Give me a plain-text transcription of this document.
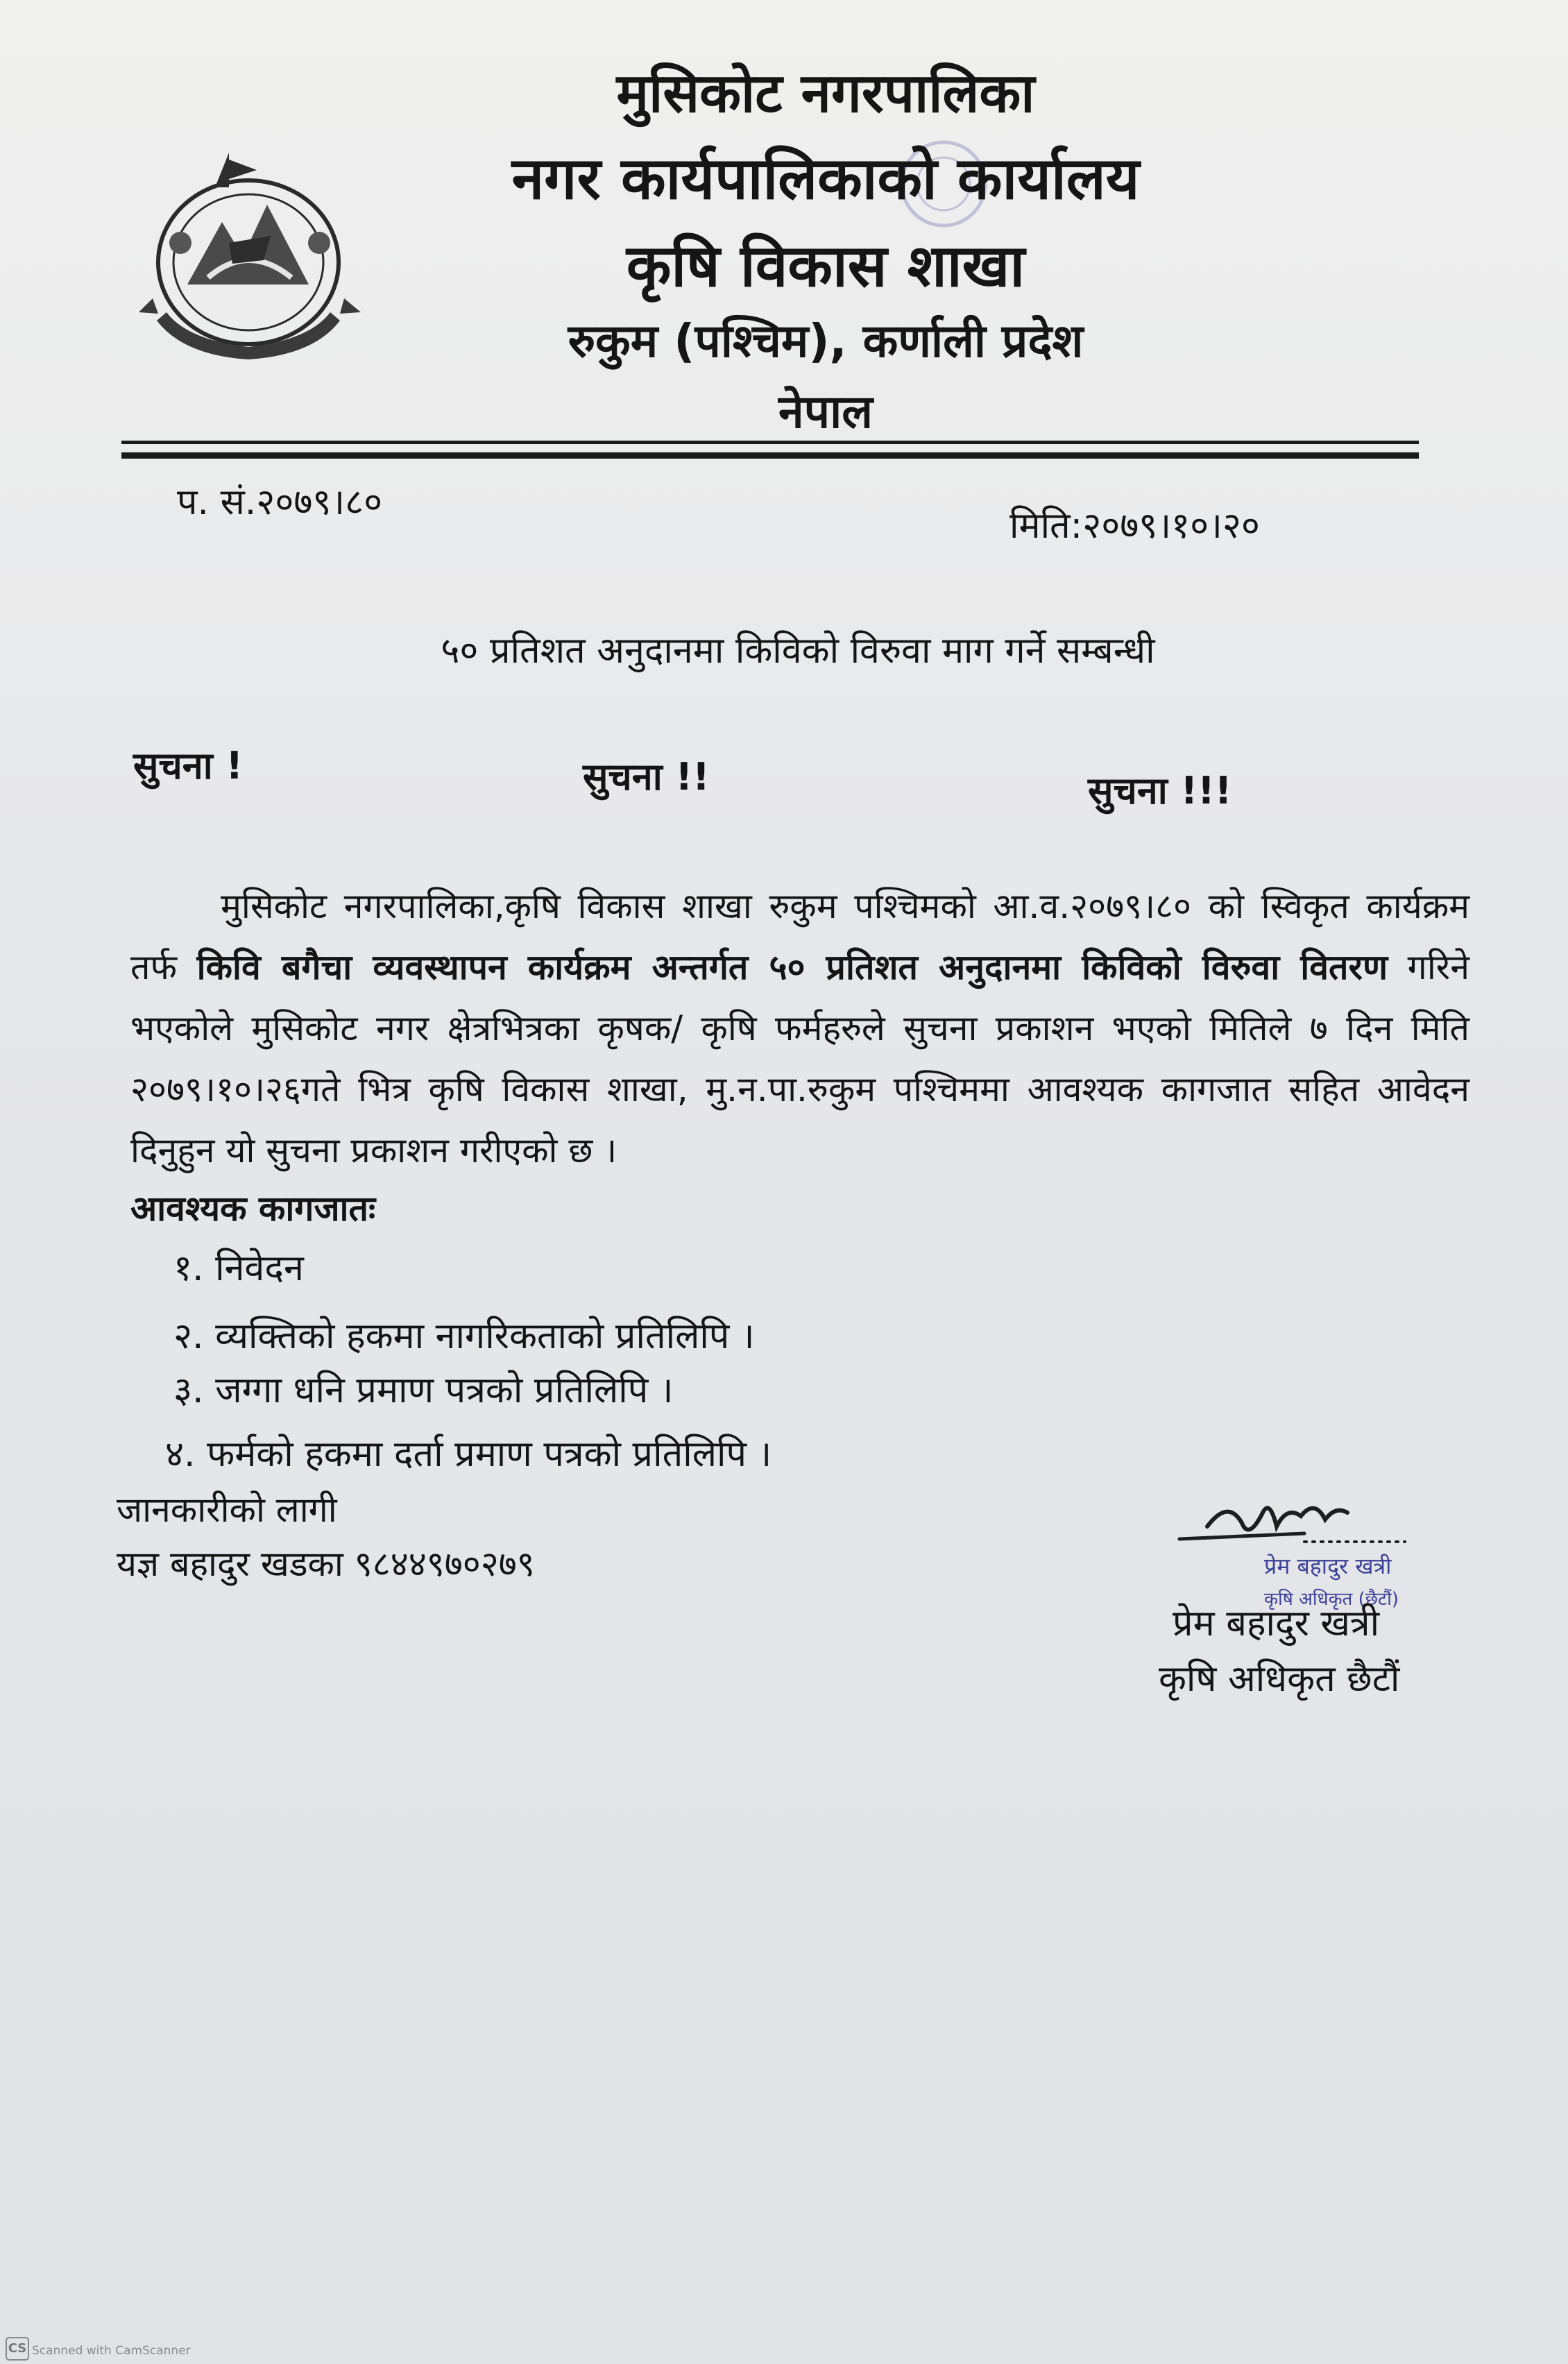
मुसिकोट नगरपालिका
नगर कार्यपालिकाको कार्यालय
कृषि विकास शाखा
रुकुम (पश्चिम), कर्णाली प्रदेश
नेपाल
प. सं.२०७९।८०
मिति:२०७९।१०।२०
५० प्रतिशत अनुदानमा किविको विरुवा माग गर्ने सम्बन्धी
सुचना !	सुचना !!	सुचना !!!
मुसिकोट नगरपालिका,कृषि विकास शाखा रुकुम पश्चिमको आ.व.२०७९।८० को स्विकृत कार्यक्रम तर्फ किवि बगैचा व्यवस्थापन कार्यक्रम अन्तर्गत ५० प्रतिशत अनुदानमा किविको विरुवा वितरण गरिने भएकोले मुसिकोट नगर क्षेत्रभित्रका कृषक/ कृषि फर्महरुले सुचना प्रकाशन भएको मितिले ७ दिन मिति २०७९।१०।२६गते भित्र कृषि विकास शाखा, मु.न.पा.रुकुम पश्चिममा आवश्यक कागजात सहित आवेदन दिनुहुन यो सुचना प्रकाशन गरीएको छ ।
आवश्यक कागजातः
१. निवेदन
२. व्यक्तिको हकमा नागरिकताको प्रतिलिपि ।
३. जग्गा धनि प्रमाण पत्रको प्रतिलिपि ।
४. फर्मको हकमा दर्ता प्रमाण पत्रको प्रतिलिपि ।
जानकारीको लागी
यज्ञ बहादुर खडका ९८४४९७०२७९	प्रेम बहादुर खत्री
कृषि अधिकृत (छैटौं)
प्रेम बहादुर खत्री
कृषि अधिकृत छैटौं
CS Scanned with CamScanner
